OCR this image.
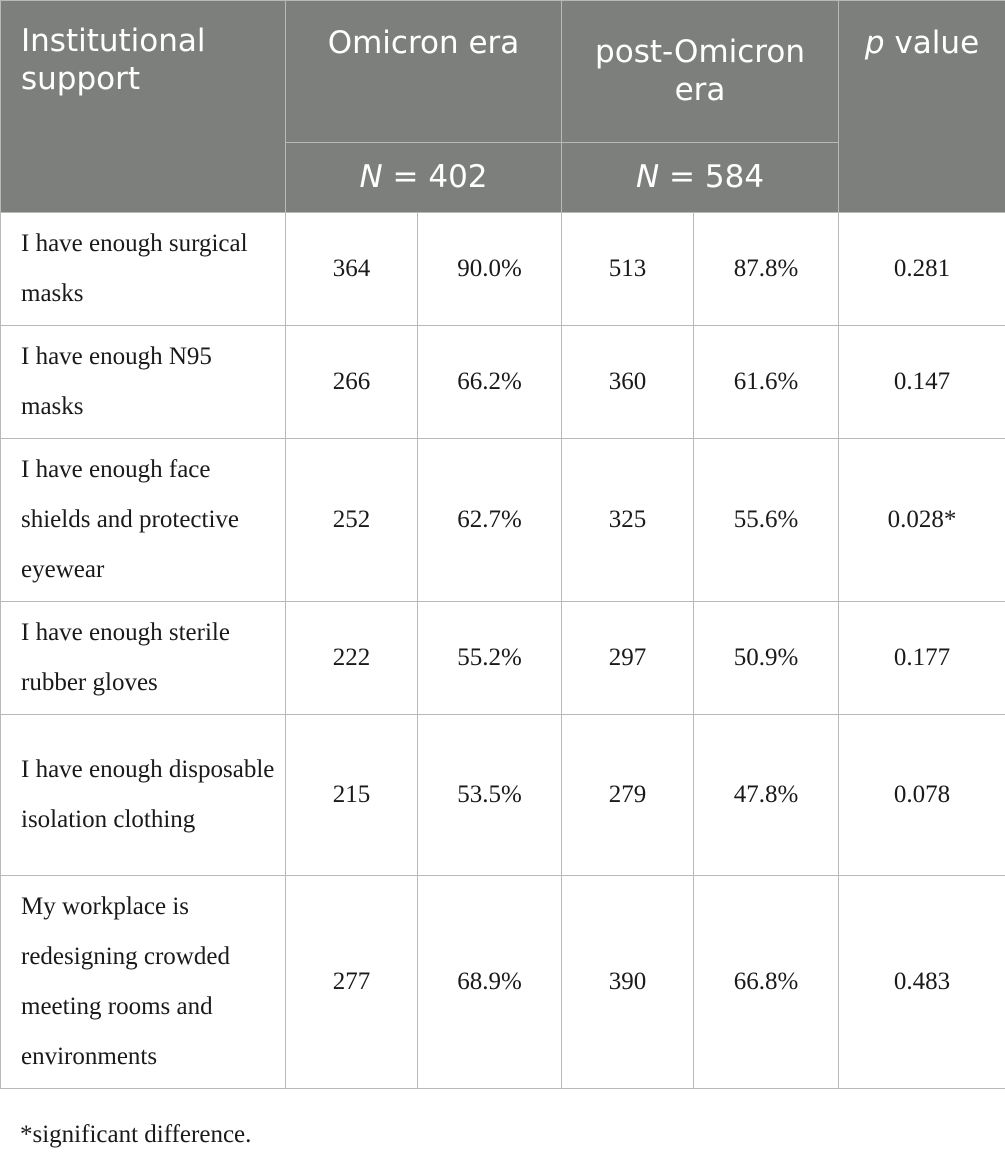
Institutional support	Omicron era		post-Omicron era		p value
	N = 402		N = 584		
I have enough surgical masks	364	90.0%	513	87.8%	0.281
I have enough N95 masks	266	66.2%	360	61.6%	0.147
I have enough face shields and protective eyewear	252	62.7%	325	55.6%	0.028*
I have enough sterile rubber gloves	222	55.2%	297	50.9%	0.177
I have enough disposable isolation clothing	215	53.5%	279	47.8%	0.078
My workplace is redesigning crowded meeting rooms and environments	277	68.9%	390	66.8%	0.483
*significant difference.
